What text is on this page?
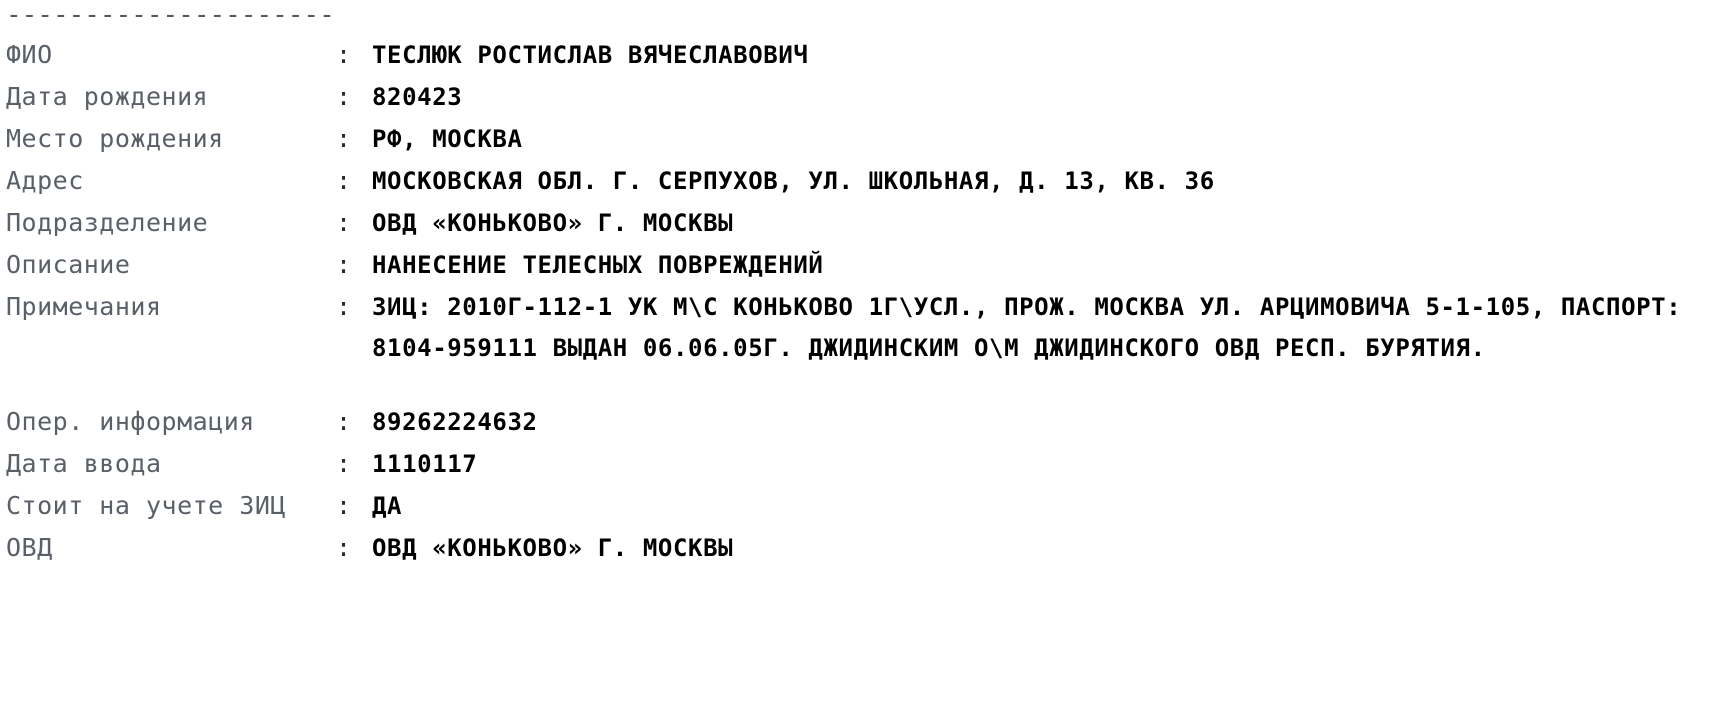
---------------------
ФИО	: ТЕСЛЮК РОСТИСЛАВ ВЯЧЕСЛАВОВИЧ
Дата рождения	: 820423
Место рождения	: РФ, МОСКВА
Адрес	: МОСКОВСКАЯ ОБЛ. Г. СЕРПУХОВ, УЛ. ШКОЛЬНАЯ, Д. 13, КВ. 36
Подразделение	: ОВД «КОНЬКОВО» Г. МОСКВЫ
Описание	: НАНЕСЕНИЕ ТЕЛЕСНЫХ ПОВРЕЖДЕНИЙ
Примечания	: ЗИЦ: 2010Г-112-1 УК М\С КОНЬКОВО 1Г\УСЛ., ПРОЖ. МОСКВА УЛ. АРЦИМОВИЧА 5-1-105, ПАСПОРТ: 8104-959111 ВЫДАН 06.06.05Г. ДЖИДИНСКИМ О\М ДЖИДИНСКОГО ОВД РЕСП. БУРЯТИЯ.
Опер. информация	: 89262224632
Дата ввода	: 1110117
Стоит на учете ЗИЦ	: ДА
ОВД	: ОВД «КОНЬКОВО» Г. МОСКВЫ
